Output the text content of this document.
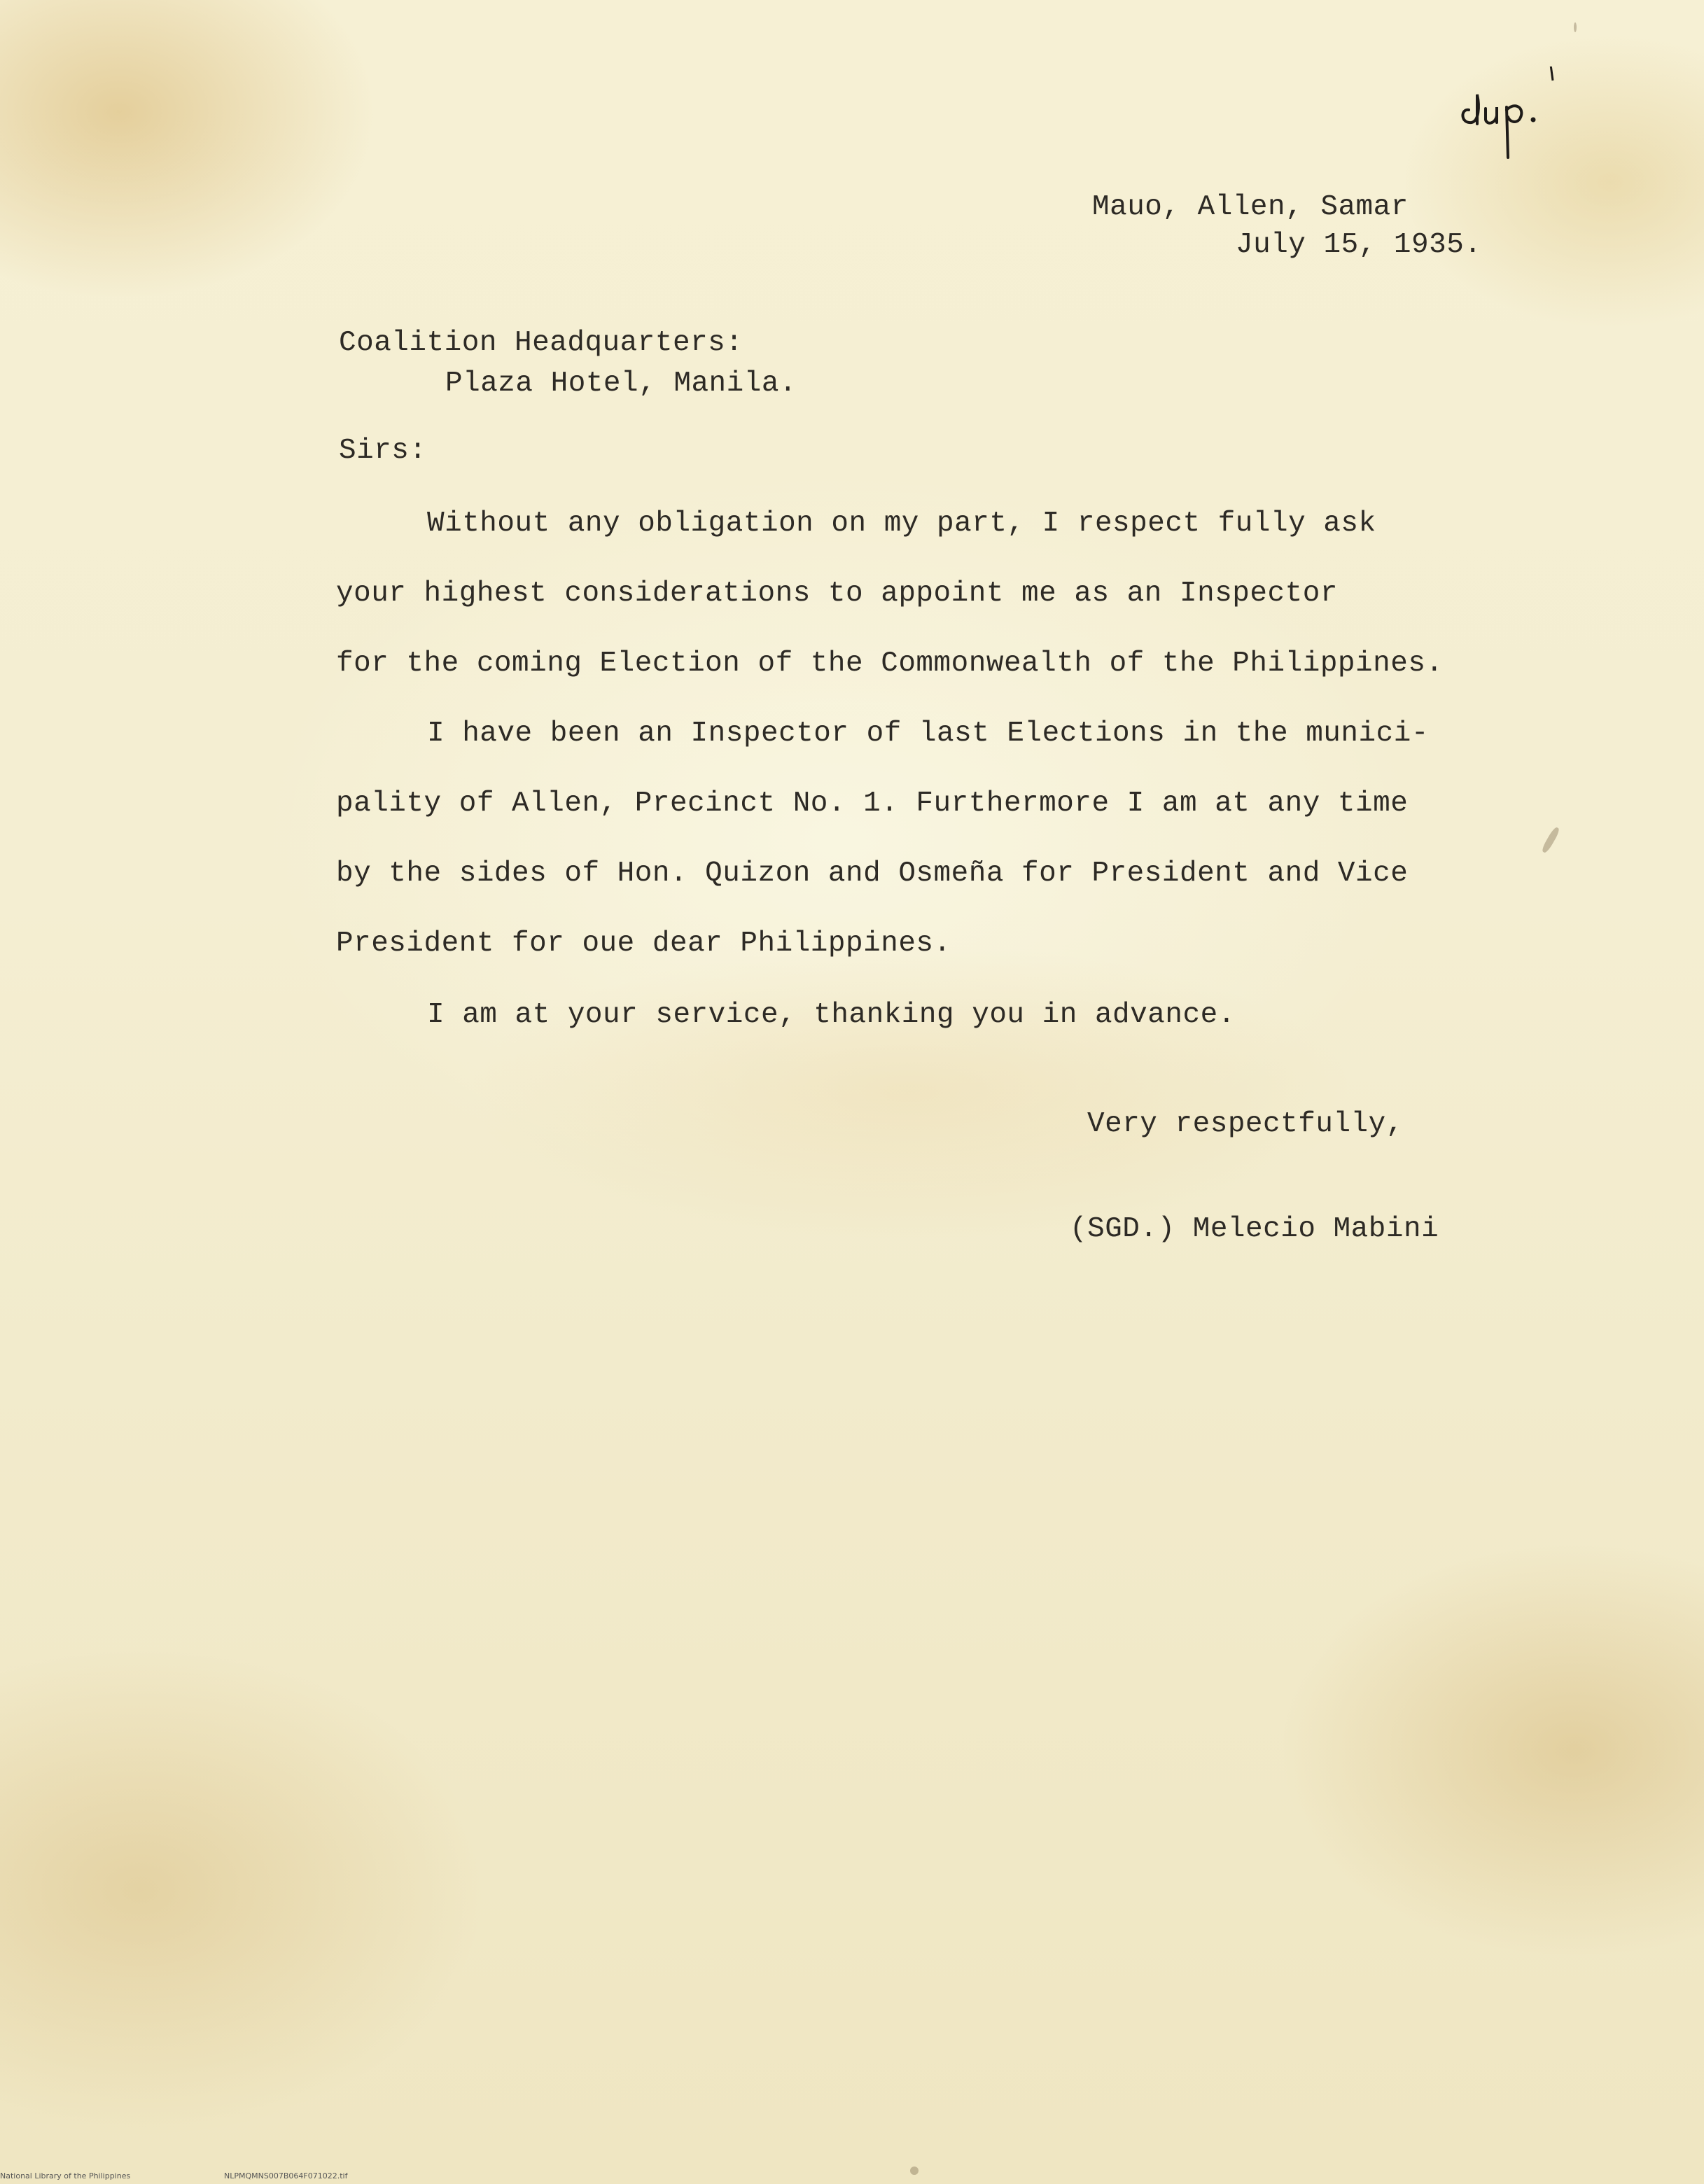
Mauo, Allen, Samar
July 15, 1935.
Coalition Headquarters:
Plaza Hotel, Manila.
Sirs:
Without any obligation on my part, I respect fully ask
your highest considerations to appoint me as an Inspector
for the coming Election of the Commonwealth of the Philippines.
I have been an Inspector of last Elections in the munici-
pality of Allen, Precinct No. 1. Furthermore I am at any time
by the sides of Hon. Quizon and Osmeña for President and Vice
President for oue dear Philippines.
I am at your service, thanking you in advance.
Very respectfully,
(SGD.) Melecio Mabini
National Library of the Philippines	NLPMQMNS007B064F071022.tif
